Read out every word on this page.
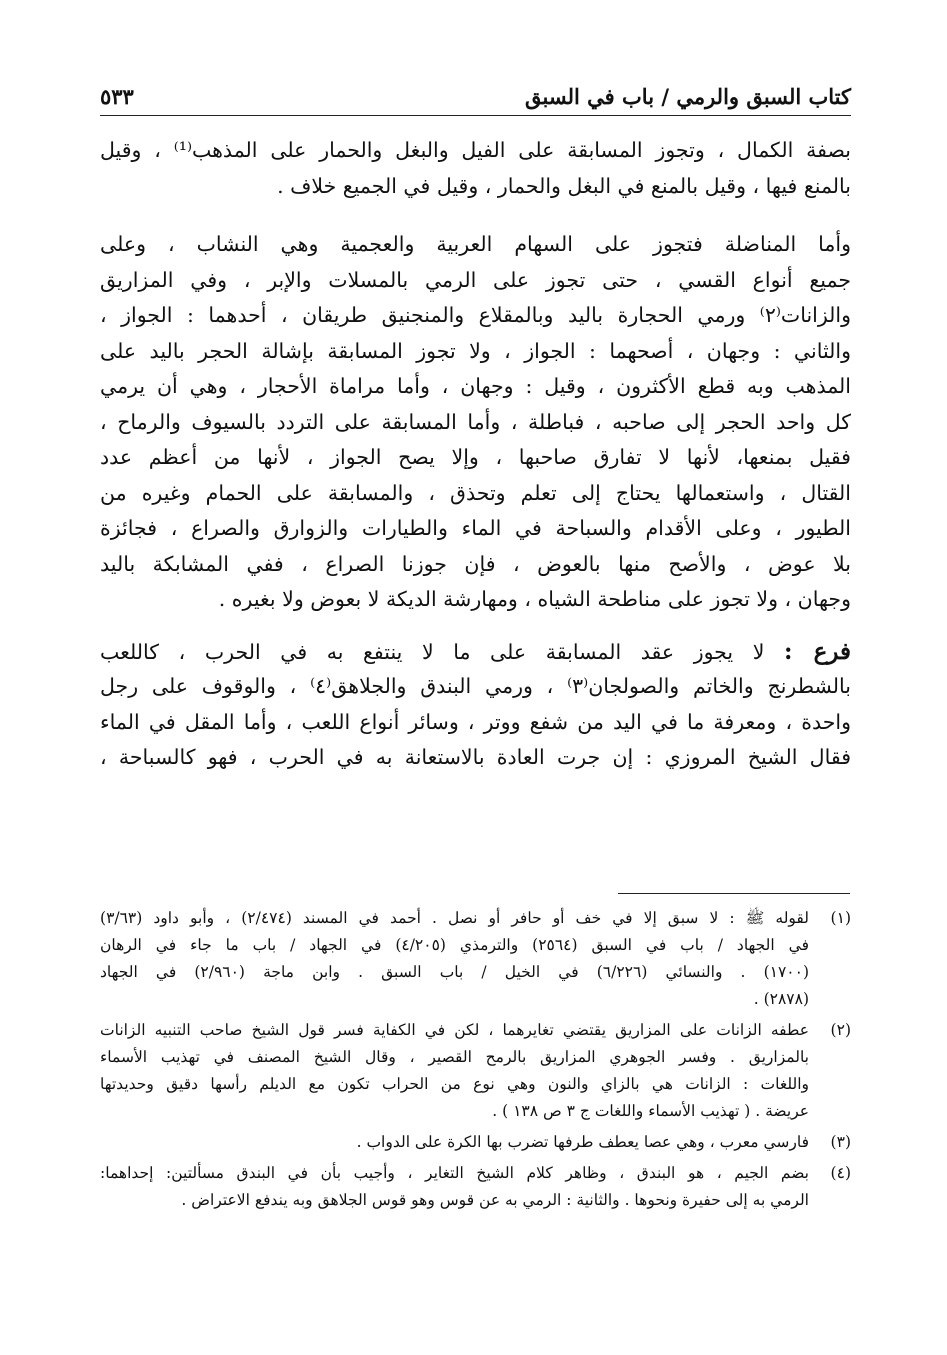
كتاب السبق والرمي / باب في السبق
٥٣٣
بصفة الكمال ، وتجوز المسابقة على الفيل والبغل والحمار على المذهب⁽¹⁾ ، وقيل
بالمنع فيها ، وقيل بالمنع في البغل والحمار ، وقيل في الجميع خلاف .
وأما المناضلة فتجوز على السهام العربية والعجمية وهي النشاب ، وعلى
جميع أنواع القسي ، حتى تجوز على الرمي بالمسلات والإبر ، وفي المزاريق
والزانات⁽٢⁾ ورمي الحجارة باليد وبالمقلاع والمنجنيق طريقان ، أحدهما : الجواز ،
والثاني : وجهان ، أصحهما : الجواز ، ولا تجوز المسابقة بإشالة الحجر باليد على
المذهب وبه قطع الأكثرون ، وقيل : وجهان ، وأما مراماة الأحجار ، وهي أن يرمي
كل واحد الحجر إلى صاحبه ، فباطلة ، وأما المسابقة على التردد بالسيوف والرماح ،
فقيل بمنعها، لأنها لا تفارق صاحبها ، وإلا يصح الجواز ، لأنها من أعظم عدد
القتال ، واستعمالها يحتاج إلى تعلم وتحذق ، والمسابقة على الحمام وغيره من
الطيور ، وعلى الأقدام والسباحة في الماء والطيارات والزوارق والصراع ، فجائزة
بلا عوض ، والأصح منها بالعوض ، فإن جوزنا الصراع ، ففي المشابكة باليد
وجهان ، ولا تجوز على مناطحة الشياه ، ومهارشة الديكة لا بعوض ولا بغيره .
فرع : لا يجوز عقد المسابقة على ما لا ينتفع به في الحرب ، كاللعب
بالشطرنج والخاتم والصولجان⁽٣⁾ ، ورمي البندق والجلاهق⁽٤⁾ ، والوقوف على رجل
واحدة ، ومعرفة ما في اليد من شفع ووتر ، وسائر أنواع اللعب ، وأما المقل في الماء
فقال الشيخ المروزي : إن جرت العادة بالاستعانة به في الحرب ، فهو كالسباحة ،
(١)
لقوله ﷺ : لا سبق إلا في خف أو حافر أو نصل . أحمد في المسند (٢/٤٧٤) ، وأبو داود (٣/٦٣)
في الجهاد / باب في السبق (٢٥٦٤) والترمذي (٤/٢٠٥) في الجهاد / باب ما جاء في الرهان
(١٧٠٠) . والنسائي (٦/٢٢٦) في الخيل / باب السبق . وابن ماجة (٢/٩٦٠) في الجهاد
(٢٨٧٨) .
(٢)
عطفه الزانات على المزاريق يقتضي تغايرهما ، لكن في الكفاية فسر قول الشيخ صاحب التنبيه الزانات
بالمزاريق . وفسر الجوهري المزاريق بالرمح القصير ، وقال الشيخ المصنف في تهذيب الأسماء
واللغات : الزانات هي بالزاي والنون وهي نوع من الحراب تكون مع الديلم رأسها دقيق وحديدتها
عريضة . ( تهذيب الأسماء واللغات ج ٣ ص ١٣٨ ) .
(٣)
فارسي معرب ، وهي عصا يعطف طرفها تضرب بها الكرة على الدواب .
(٤)
بضم الجيم ، هو البندق ، وظاهر كلام الشيخ التغاير ، وأجيب بأن في البندق مسألتين: إحداهما:
الرمي به إلى حفيرة ونحوها . والثانية : الرمي به عن قوس وهو قوس الجلاهق وبه يندفع الاعتراض .
